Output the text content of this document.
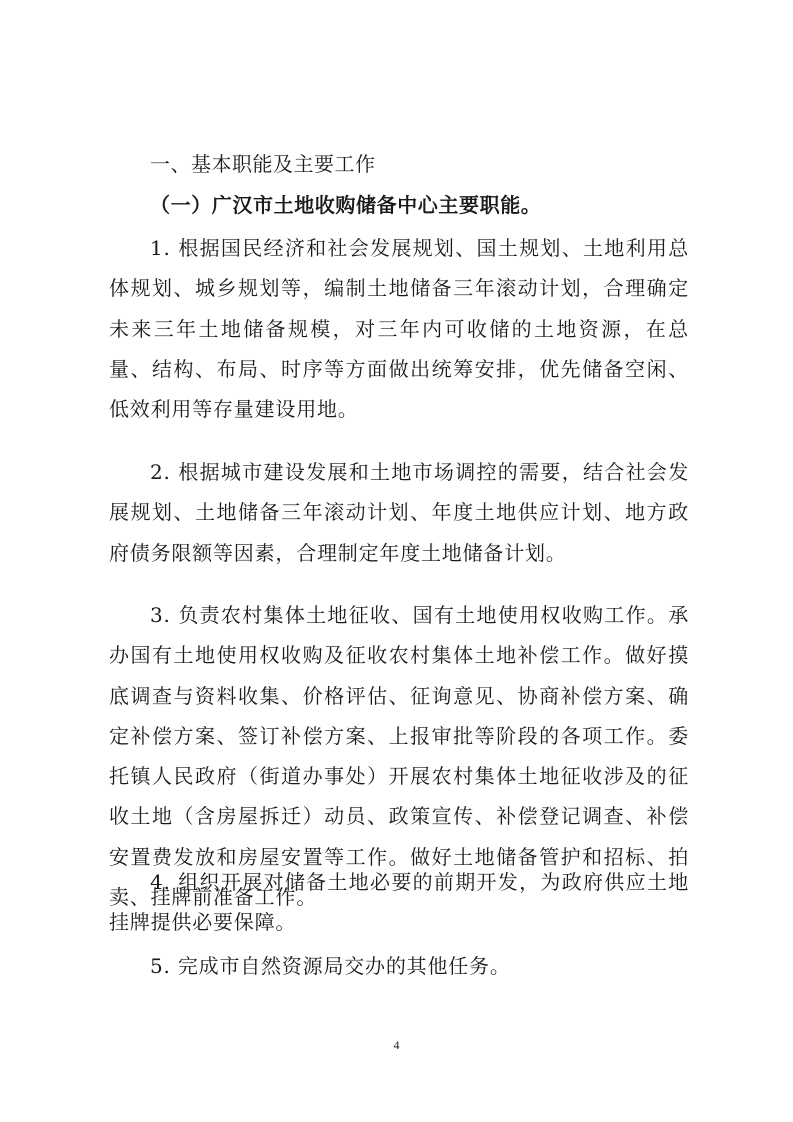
一、基本职能及主要工作
（一）广汉市土地收购储备中心主要职能。

1. 根据国民经济和社会发展规划、国土规划、土地利用总体规划、城乡规划等，编制土地储备三年滚动计划，合理确定未来三年土地储备规模，对三年内可收储的土地资源，在总量、结构、布局、时序等方面做出统筹安排，优先储备空闲、低效利用等存量建设用地。

2. 根据城市建设发展和土地市场调控的需要，结合社会发展规划、土地储备三年滚动计划、年度土地供应计划、地方政府债务限额等因素，合理制定年度土地储备计划。

3. 负责农村集体土地征收、国有土地使用权收购工作。承办国有土地使用权收购及征收农村集体土地补偿工作。做好摸底调查与资料收集、价格评估、征询意见、协商补偿方案、确定补偿方案、签订补偿方案、上报审批等阶段的各项工作。委托镇人民政府（街道办事处）开展农村集体土地征收涉及的征收土地（含房屋拆迁）动员、政策宣传、补偿登记调查、补偿安置费发放和房屋安置等工作。做好土地储备管护和招标、拍卖、挂牌前准备工作。

4. 组织开展对储备土地必要的前期开发，为政府供应土地挂牌提供必要保障。

5. 完成市自然资源局交办的其他任务。

4
